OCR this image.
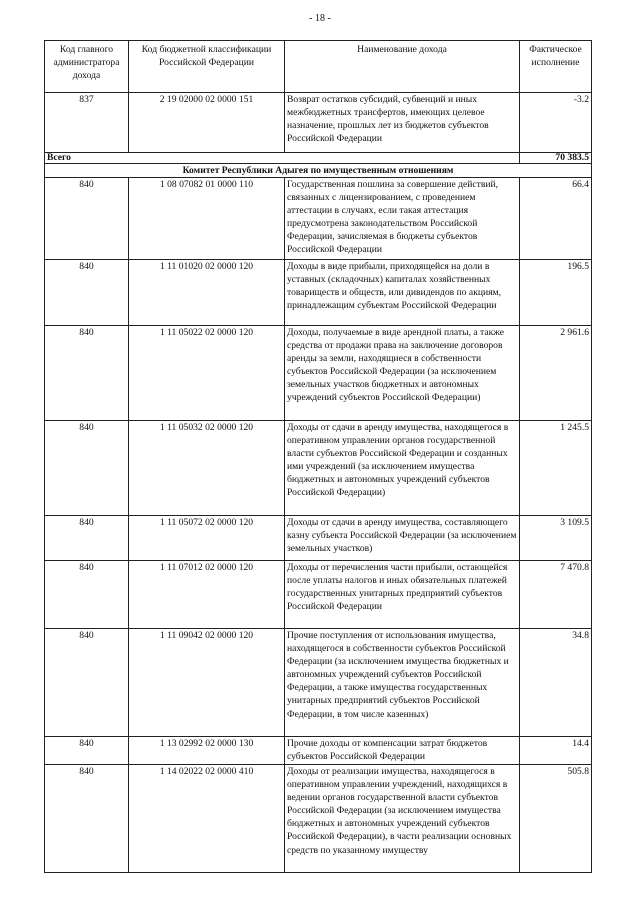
- 18 -
Код главного администратора дохода	Код бюджетной классификации Российской Федерации	Наименование дохода	Фактическое исполнение
837	2 19 02000 02 0000 151	Возврат остатков субсидий, субвенций и иных межбюджетных трансфертов, имеющих целевое назначение, прошлых лет из бюджетов субъектов Российской Федерации	-3.2
Всего			70 383.5
Комитет Республики Адыгея по имущественным отношениям			
840	1 08 07082 01 0000 110	Государственная пошлина за совершение действий, связанных с лицензированием, с проведением аттестации в случаях, если такая аттестация предусмотрена законодательством Российской Федерации, зачисляемая в бюджеты субъектов Российской Федерации	66.4
840	1 11 01020 02 0000 120	Доходы в виде прибыли, приходящейся на доли в уставных (складочных) капиталах хозяйственных товариществ и обществ, или дивидендов по акциям, принадлежащим субъектам Российской Федерации	196.5
840	1 11 05022 02 0000 120	Доходы, получаемые в виде арендной платы, а также средства от продажи права на заключение договоров аренды за земли, находящиеся в собственности субъектов Российской Федерации (за исключением земельных участков бюджетных и автономных учреждений субъектов Российской Федерации)	2 961.6
840	1 11 05032 02 0000 120	Доходы от сдачи в аренду имущества, находящегося в оперативном управлении органов государственной власти субъектов Российской Федерации и созданных ими учреждений (за исключением имущества бюджетных и автономных учреждений субъектов Российской Федерации)	1 245.5
840	1 11 05072 02 0000 120	Доходы от сдачи в аренду имущества, составляющего казну субъекта Российской Федерации (за исключением земельных участков)	3 109.5
840	1 11 07012 02 0000 120	Доходы от перечисления части прибыли, остающейся после уплаты налогов и иных обязательных платежей государственных унитарных предприятий субъектов Российской Федерации	7 470.8
840	1 11 09042 02 0000 120	Прочие поступления от использования имущества, находящегося в собственности субъектов Российской Федерации (за исключением имущества бюджетных и автономных учреждений субъектов Российской Федерации, а также имущества государственных унитарных предприятий субъектов Российской Федерации, в том числе казенных)	34.8
840	1 13 02992 02 0000 130	Прочие доходы от компенсации затрат бюджетов субъектов Российской Федерации	14.4
840	1 14 02022 02 0000 410	Доходы от реализации имущества, находящегося в оперативном управлении учреждений, находящихся в ведении органов государственной власти субъектов Российской Федерации (за исключением имущества бюджетных и автономных учреждений субъектов Российской Федерации), в части реализации основных средств по указанному имуществу	505.8
